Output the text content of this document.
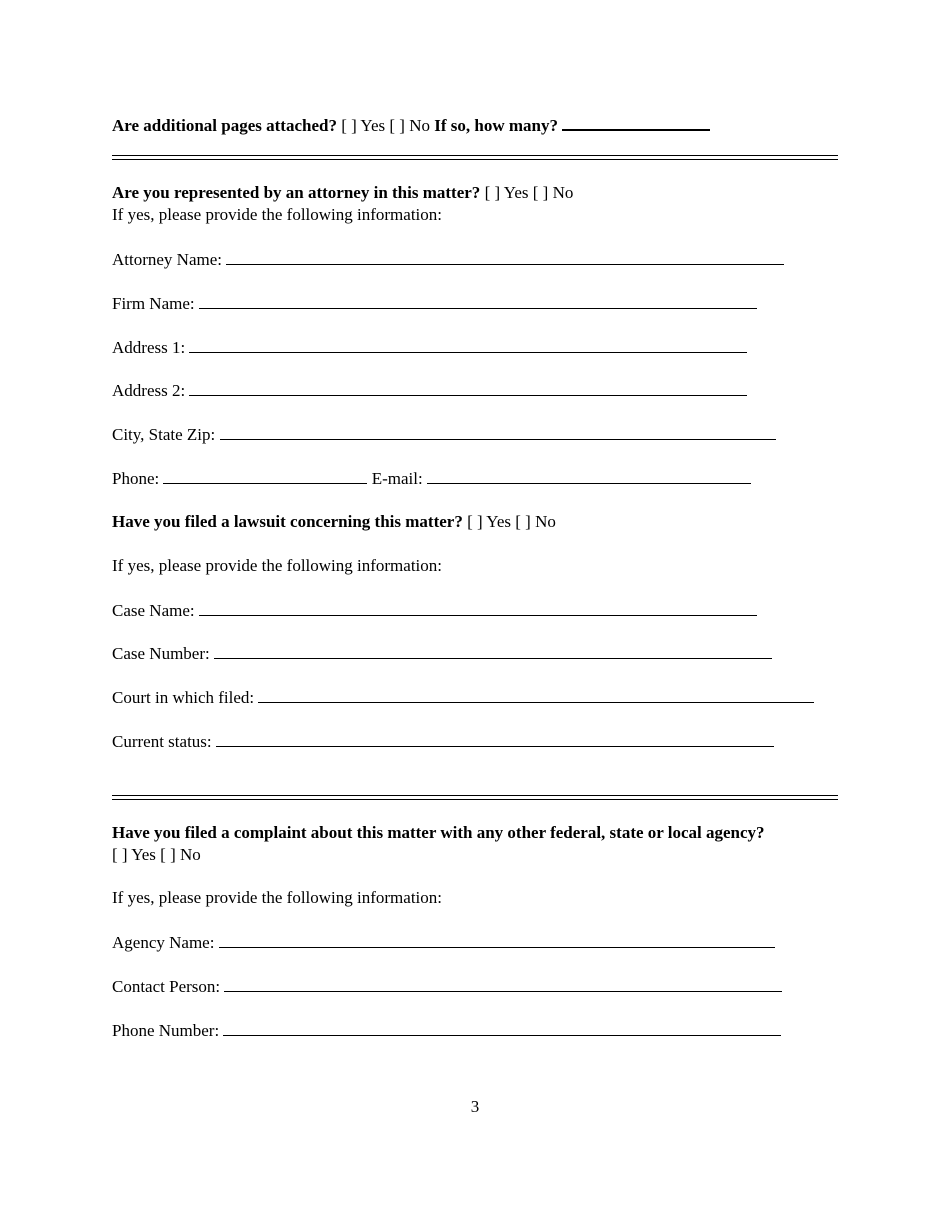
Are additional pages attached? [ ] Yes [ ] No If so, how many?
Are you represented by an attorney in this matter? [ ] Yes [ ] No
If yes, please provide the following information:
Attorney Name:
Firm Name:
Address 1:
Address 2:
City, State Zip:
Phone:	E-mail:
Have you filed a lawsuit concerning this matter? [ ] Yes [ ] No
If yes, please provide the following information:
Case Name:
Case Number:
Court in which filed:
Current status:
Have you filed a complaint about this matter with any other federal, state or local agency?
[ ] Yes [ ] No
If yes, please provide the following information:
Agency Name:
Contact Person:
Phone Number:
3
